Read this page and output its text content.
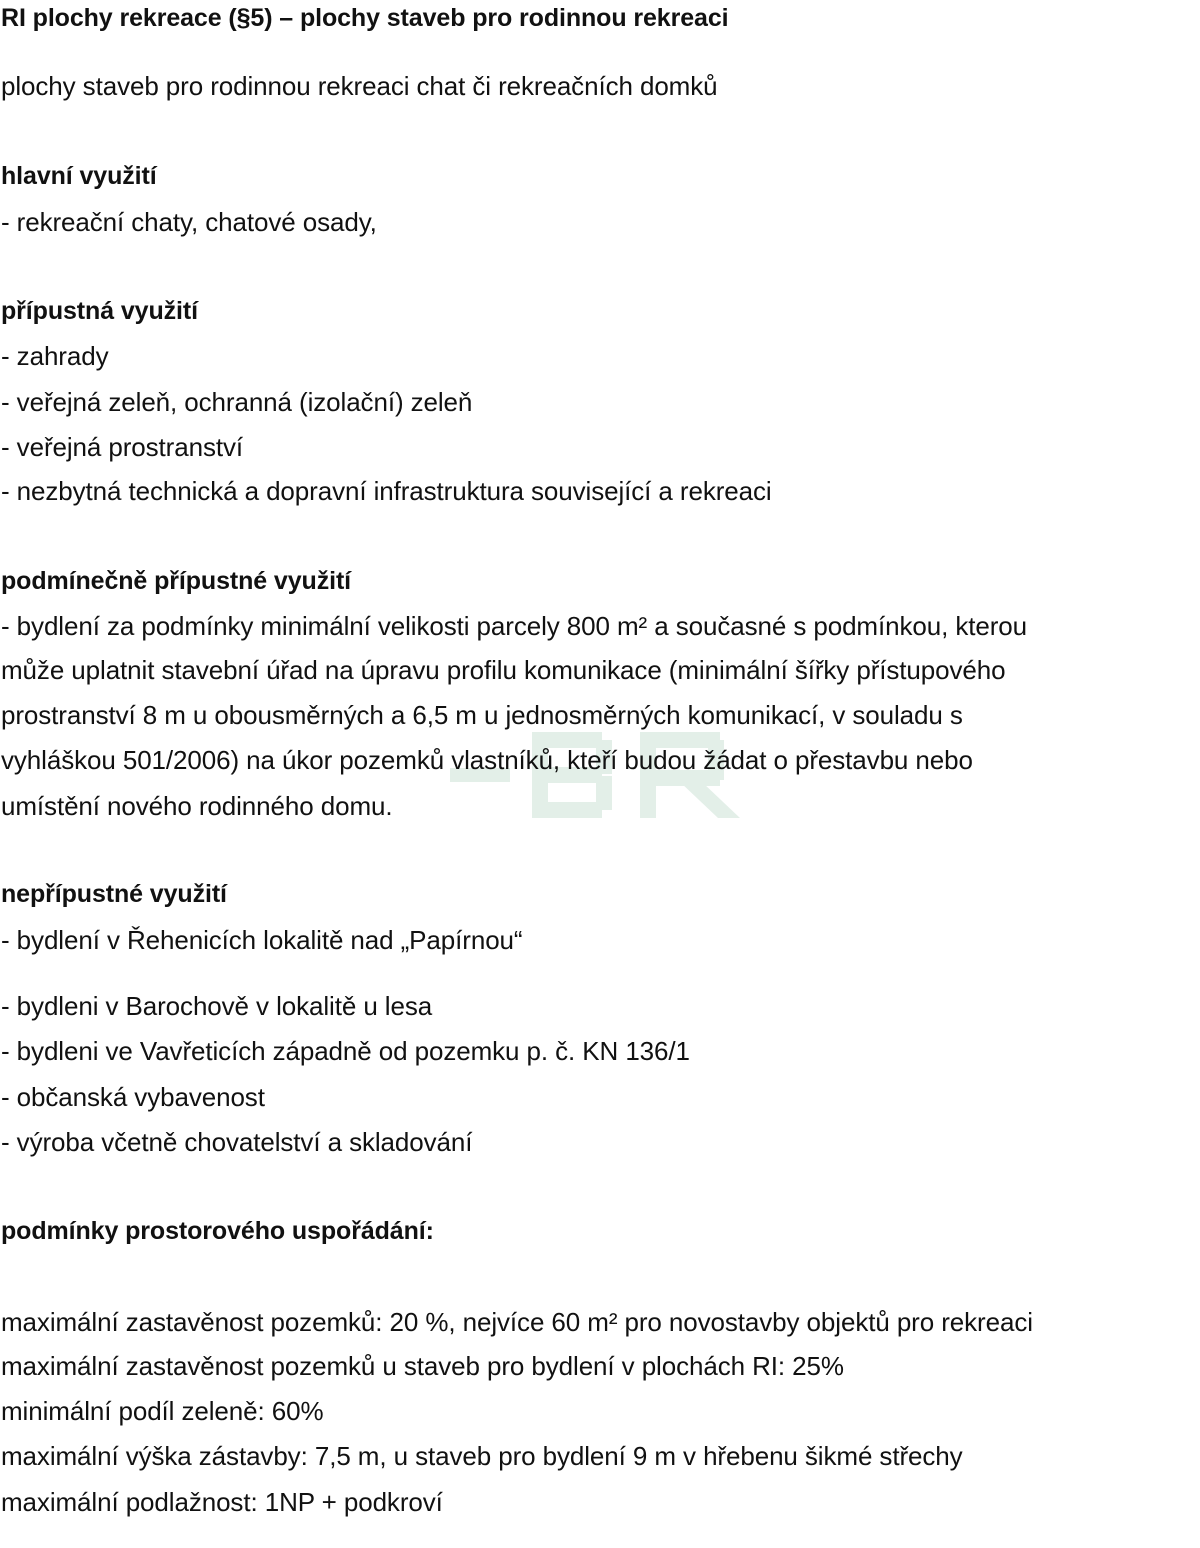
RI plochy rekreace (§5) – plochy staveb pro rodinnou rekreaci
plochy staveb pro rodinnou rekreaci chat či rekreačních domků
hlavní využití
- rekreační chaty, chatové osady,
přípustná využití
- zahrady
- veřejná zeleň, ochranná (izolační) zeleň
- veřejná prostranství
- nezbytná technická a dopravní infrastruktura související a rekreaci
podmínečně přípustné využití
- bydlení za podmínky minimální velikosti parcely 800 m² a současné s podmínkou, kterou
může uplatnit stavební úřad na úpravu profilu komunikace (minimální šířky přístupového
prostranství 8 m u obousměrných a 6,5 m u jednosměrných komunikací, v souladu s
vyhláškou 501/2006) na úkor pozemků vlastníků, kteří budou žádat o přestavbu nebo
umístění nového rodinného domu.
nepřípustné využití
- bydlení v Řehenicích lokalitě nad „Papírnou“
- bydleni v Barochově v lokalitě u lesa
- bydleni ve Vavřeticích západně od pozemku p. č. KN 136/1
- občanská vybavenost
- výroba včetně chovatelství a skladování
podmínky prostorového uspořádání:
maximální zastavěnost pozemků: 20 %, nejvíce 60 m² pro novostavby objektů pro rekreaci
maximální zastavěnost pozemků u staveb pro bydlení v plochách RI: 25%
minimální podíl zeleně: 60%
maximální výška zástavby: 7,5 m, u staveb pro bydlení 9 m v hřebenu šikmé střechy
maximální podlažnost: 1NP + podkroví
